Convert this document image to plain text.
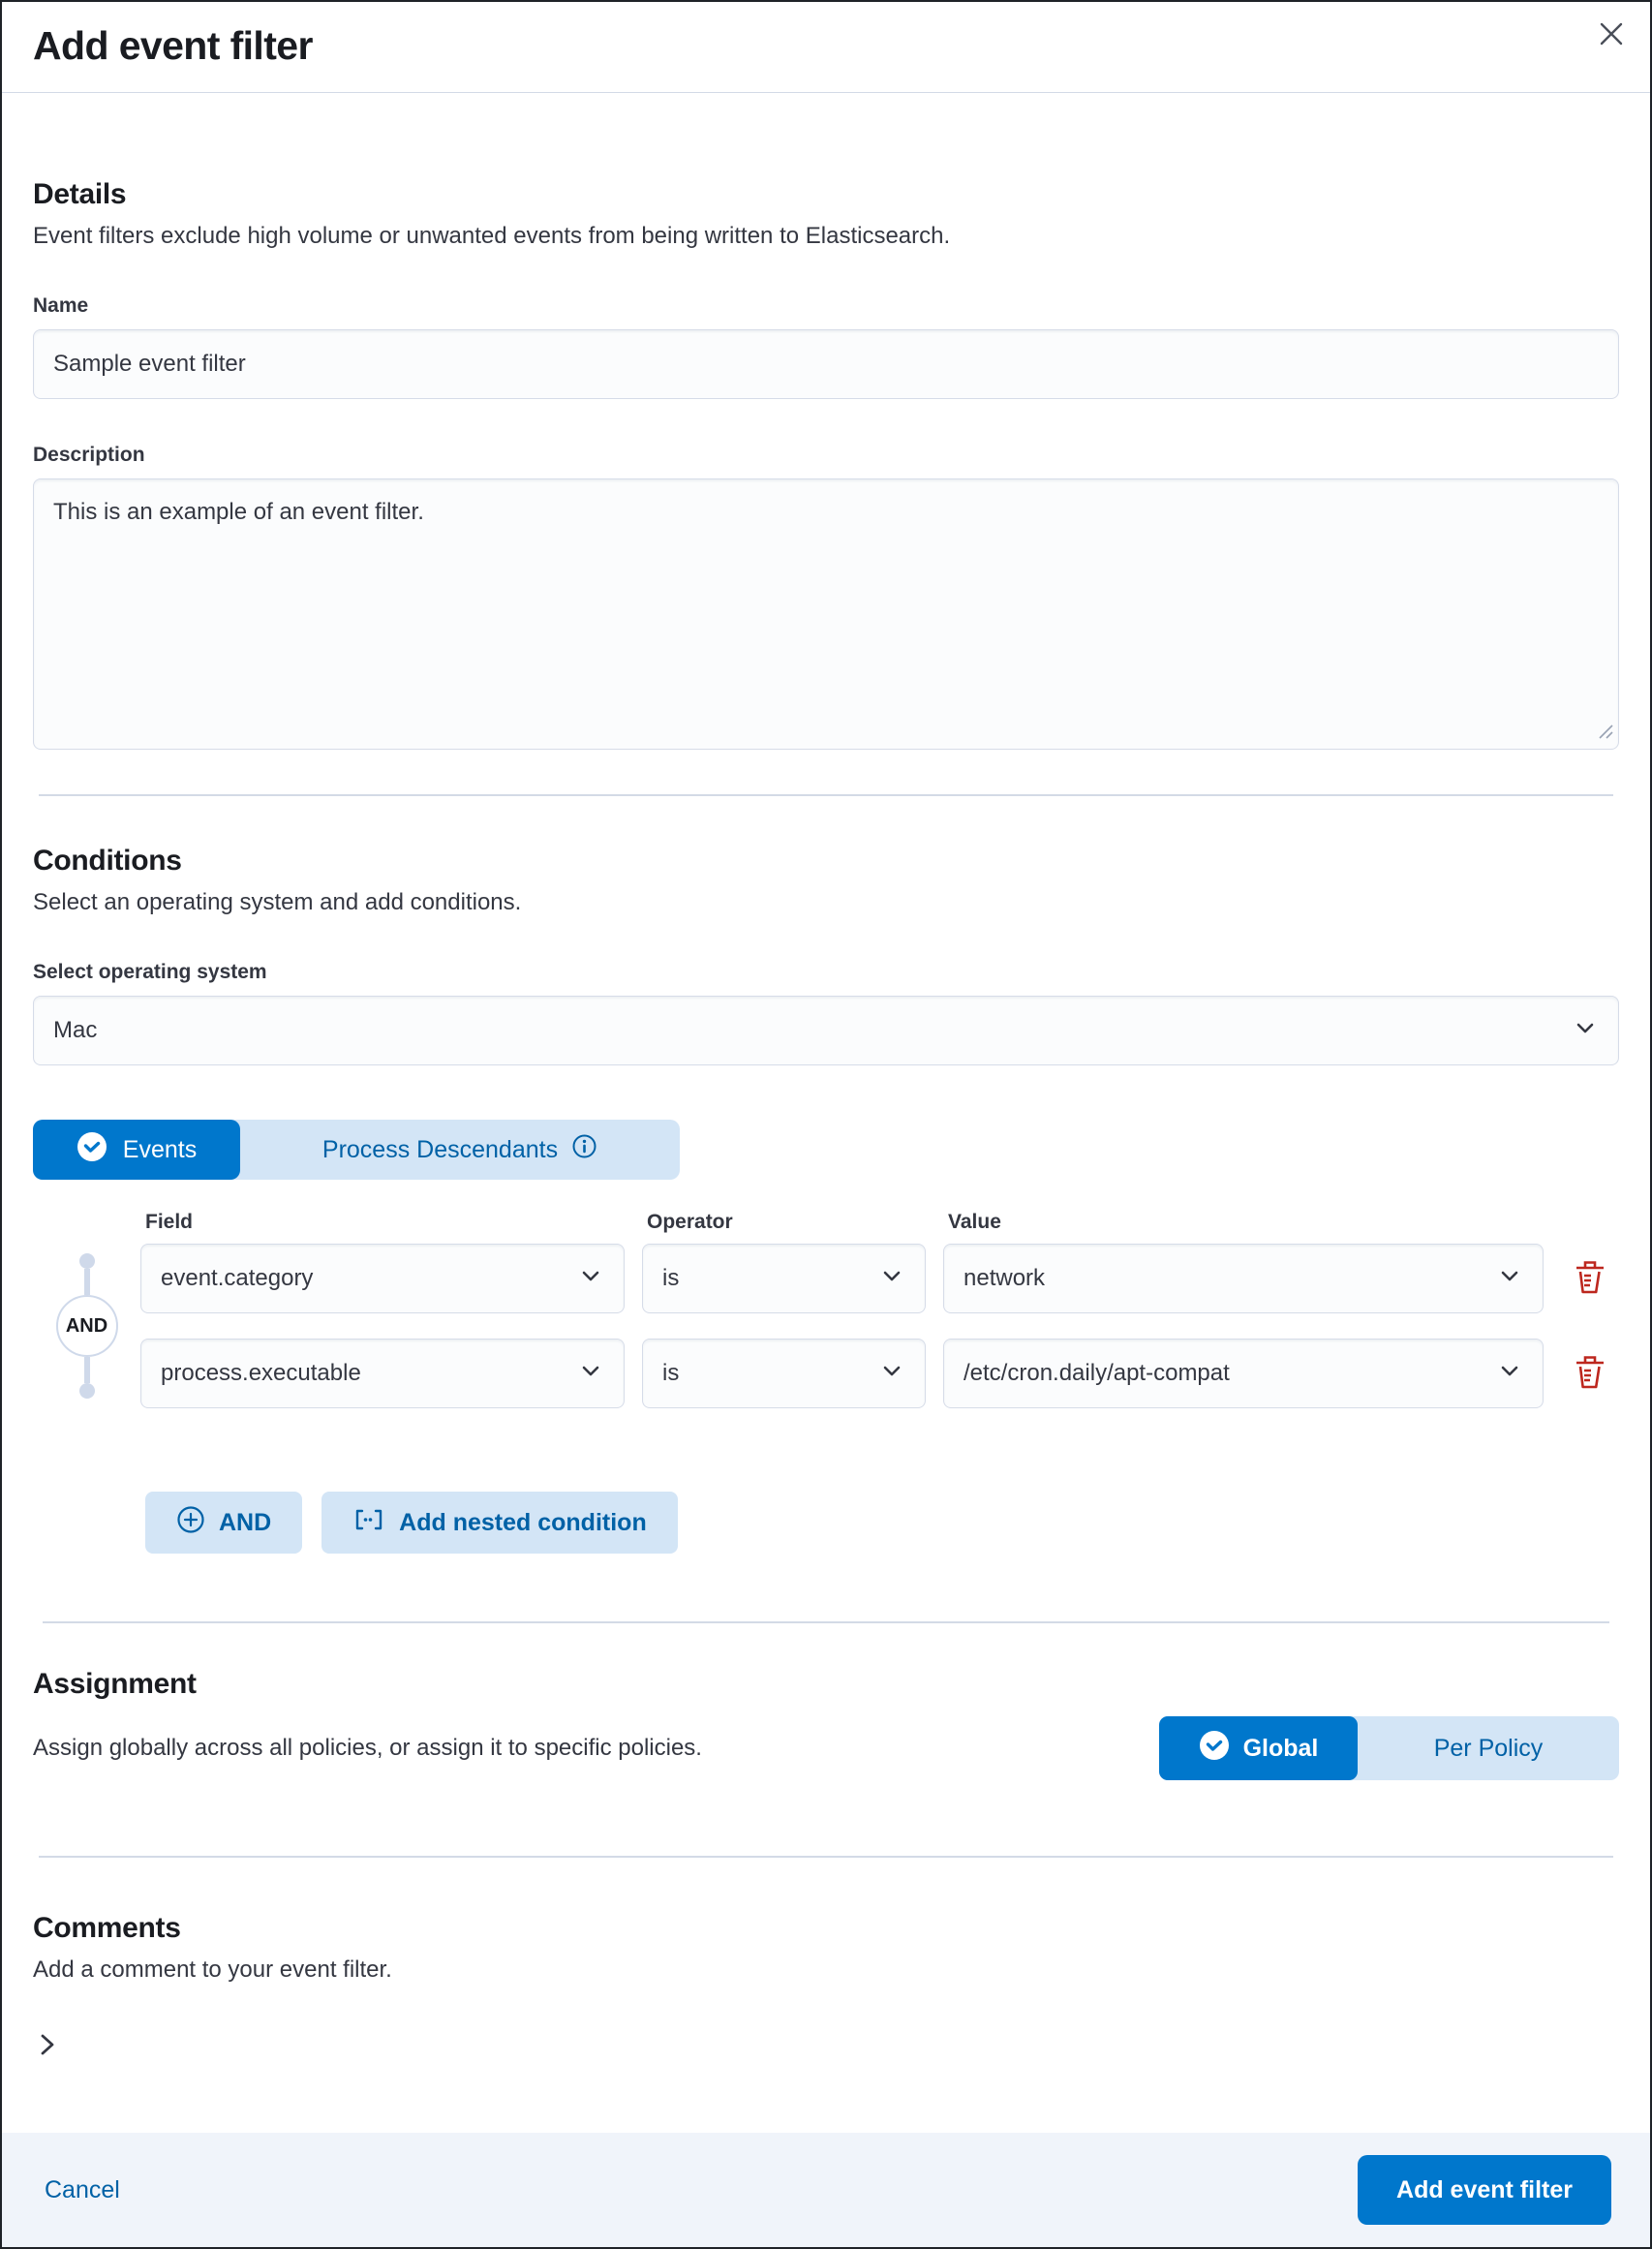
Add event filter
Details

Event filters exclude high volume or unwanted events from being written to Elasticsearch.

Name
Sample event filter
Description
This is an example of an event filter.
Conditions

Select an operating system and add conditions.

Select operating system
Mac
Events	Process Descendants
Field	Operator	Value
AND
event.category	is	network
process.executable	is	/etc/cron.daily/apt-compat
AND	Add nested condition
Assignment

Assign globally across all policies, or assign it to specific policies.	Global	Per Policy
Comments

Add a comment to your event filter.

Cancel	Add event filter
